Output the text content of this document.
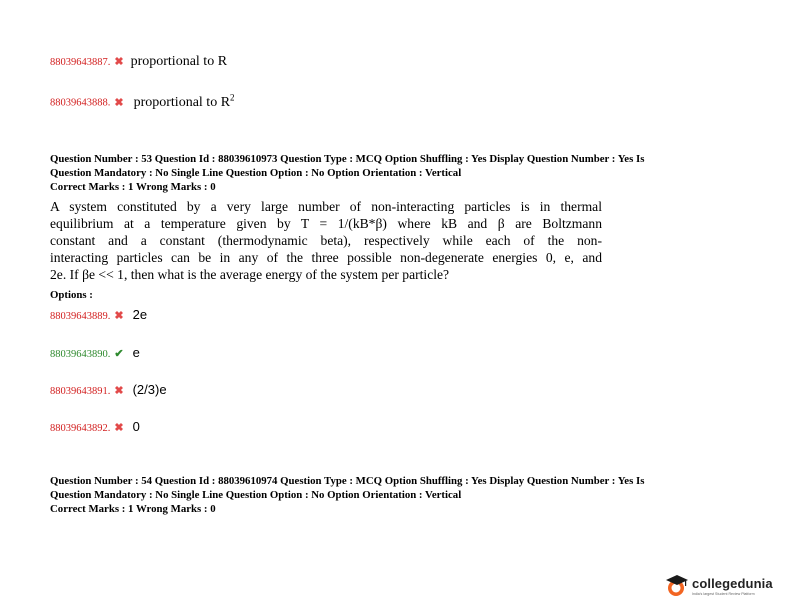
88039643887. ✖ proportional to R
88039643888. ✖ proportional to $R^2$
Question Number : 53 Question Id : 88039610973 Question Type : MCQ Option Shuffling : Yes Display Question Number : Yes Is
Question Mandatory : No Single Line Question Option : No Option Orientation : Vertical
Correct Marks : 1 Wrong Marks : 0
A system constituted by a very large number of non-interacting particles is in thermal
equilibrium at a temperature given by T = 1/(kB*β) where kB and β are Boltzmann
constant and a constant (thermodynamic beta), respectively while each of the non-
interacting particles can be in any of the three possible non-degenerate energies 0, e, and
2e. If βe << 1, then what is the average energy of the system per particle?
Options :
88039643889. ✖ 2e
88039643890. ✔ e
88039643891. ✖ (2/3)e
88039643892. ✖ 0
Question Number : 54 Question Id : 88039610974 Question Type : MCQ Option Shuffling : Yes Display Question Number : Yes Is
Question Mandatory : No Single Line Question Option : No Option Orientation : Vertical
Correct Marks : 1 Wrong Marks : 0
collegedunia
India's largest Student Review Platform
